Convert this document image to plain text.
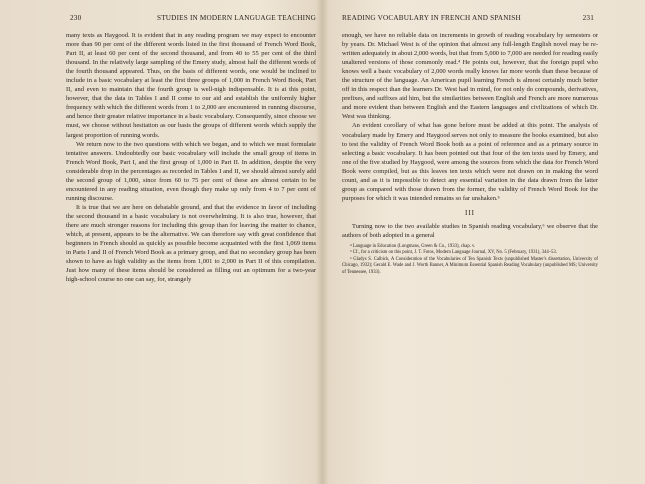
230	STUDIES IN MODERN LANGUAGE TEACHING

many texts as Haygood. It is evident that in any reading program we may expect to encounter more than 90 per cent of the different words listed in the first thousand of French Word Book, Part II, at least 60 per cent of the second thousand, and from 40 to 55 per cent of the third thousand. In the relatively large sampling of the Emery study, almost half the different words of the fourth thousand appeared. Thus, on the basis of different words, one would be inclined to include in a basic vocabulary at least the first three groups of 1,000 in French Word Book, Part II, and even to maintain that the fourth group is well-nigh indispensable. It is at this point, however, that the data in Tables I and II come to our aid and establish the uniformly higher frequency with which the different words from 1 to 2,000 are encountered in running discourse, and hence their greater relative importance in a basic vocabulary. Consequently, since choose we must, we choose without hesitation as our basis the groups of different words which supply the largest proportion of running words.

We return now to the two questions with which we began, and to which we must formulate tentative answers. Undoubtedly our basic vocabulary will include the small group of items in French Word Book, Part I, and the first group of 1,000 in Part II. In addition, despite the very considerable drop in the percentages as recorded in Tables I and II, we should almost surely add the second group of 1,000, since from 60 to 75 per cent of these are almost certain to be encountered in any reading situation, even though they make up only from 4 to 7 per cent of running discourse.

It is true that we are here on debatable ground, and that the evidence in favor of including the second thousand in a basic vocabulary is not overwhelming. It is also true, however, that there are much stronger reasons for including this group than for leaving the matter to chance, which, at present, appears to be the alternative. We can therefore say with great confidence that beginners in French should as quickly as possible become acquainted with the first 1,069 items in Parts I and II of French Word Book as a primary group, and that no secondary group has been shown to have as high validity as the items from 1,001 to 2,000 in Part II of this compilation. Just how many of these items should be considered as filling out an optimum for a two-year high-school course no one can say, for, strangely

READING VOCABULARY IN FRENCH AND SPANISH	231

enough, we have no reliable data on increments in growth of reading vocabulary by semesters or by years. Dr. Michael West is of the opinion that almost any full-length English novel may be re-written adequately in about 2,000 words, but that from 5,000 to 7,000 are needed for reading easily unaltered versions of those commonly read.⁴ He points out, however, that the foreign pupil who knows well a basic vocabulary of 2,000 words really knows far more words than these because of the structure of the language. An American pupil learning French is almost certainly much better off in this respect than the learners Dr. West had in mind, for not only do compounds, derivatives, prefixes, and suffixes aid him, but the similarities between English and French are more numerous and more evident than between English and the Eastern languages and civilizations of which Dr. West was thinking.

An evident corollary of what has gone before must be added at this point. The analysis of vocabulary made by Emery and Haygood serves not only to measure the books examined, but also to test the validity of French Word Book both as a point of reference and as a primary source in selecting a basic vocabulary. It has been pointed out that four of the ten texts used by Emery, and one of the five studied by Haygood, were among the sources from which the data for French Word Book were compiled, but as this leaves ten texts which were not drawn on in making the word count, and as it is impossible to detect any essential variation in the data drawn from the latter group as compared with those drawn from the former, the validity of French Word Book for the purposes for which it was intended remains so far unshaken.⁵

III

Turning now to the two available studies in Spanish reading vocabulary,⁶ we observe that the authors of both adopted in a general

⁴ Language in Education (Longmans, Green & Co., 1933), chap. v.

⁵ Cf., for a criticism on this point, J. T. Fotos, Modern Language Journal, XV, No. 5 (February, 1931), 344–53.

⁶ Gladys S. Calbick, A Consideration of the Vocabularies of Ten Spanish Texts (unpublished Master's dissertation, University of Chicago, 1932); Gerald E. Wade and J. Worth Banner, A Minimum Essential Spanish Reading Vocabulary (unpublished MS; University of Tennessee, 1933).
